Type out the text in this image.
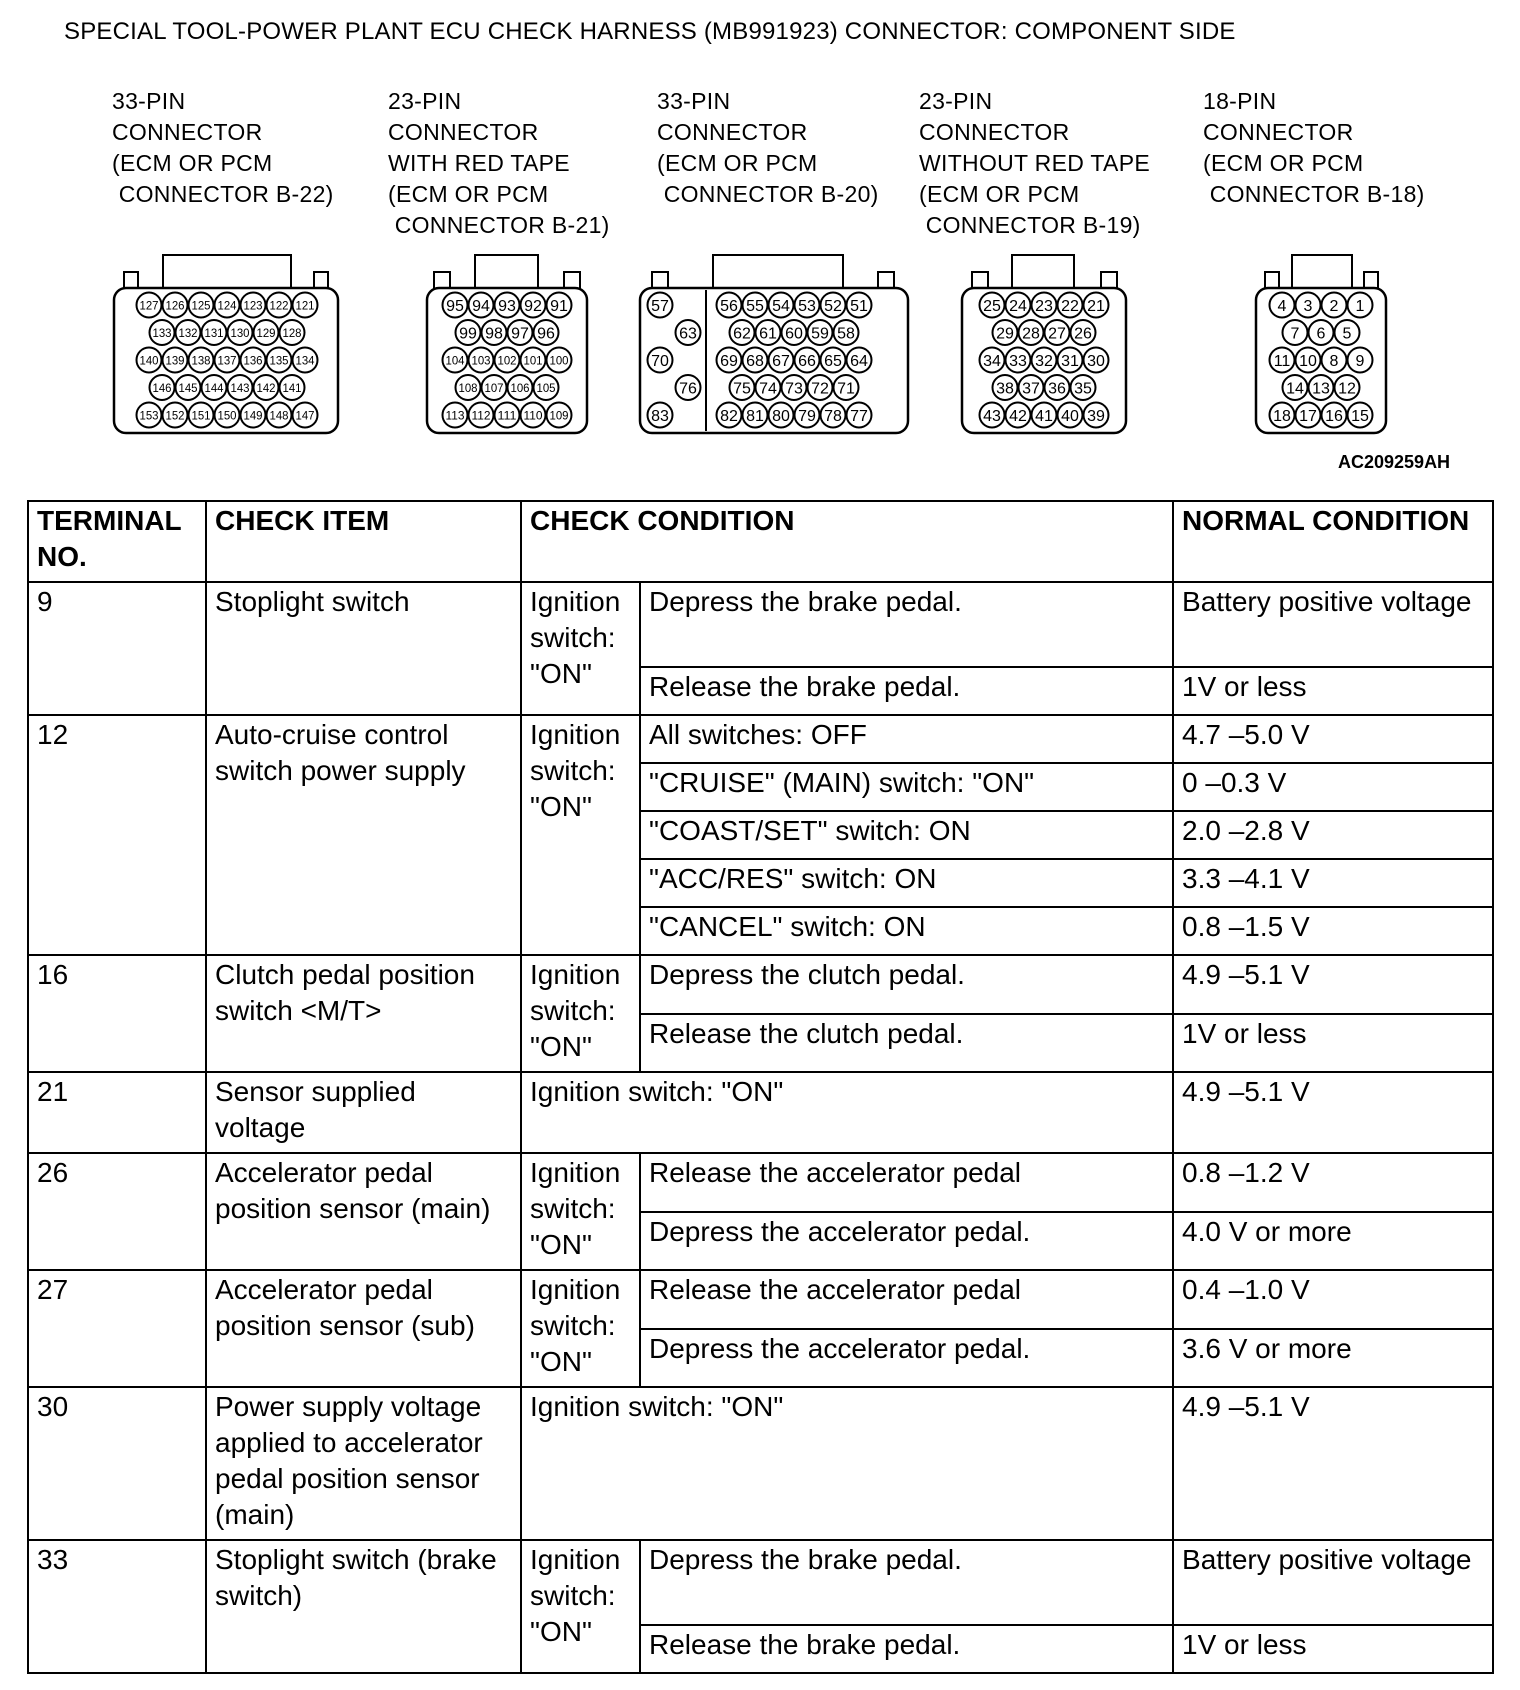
SPECIAL TOOL-POWER PLANT ECU CHECK HARNESS (MB991923) CONNECTOR: COMPONENT SIDE
33-PIN
CONNECTOR
(ECM OR PCM
CONNECTOR B-22)
23-PIN
CONNECTOR
WITH RED TAPE
(ECM OR PCM
CONNECTOR B-21)
33-PIN
CONNECTOR
(ECM OR PCM
CONNECTOR B-20)
23-PIN
CONNECTOR
WITHOUT RED TAPE
(ECM OR PCM
CONNECTOR B-19)
18-PIN
CONNECTOR
(ECM OR PCM
CONNECTOR B-18)
127 126 125 124 123 122 121
133 132 131 130 129 128
140 139 138 137 136 135 134
146 145 144 143 142 141
153 152 151 150 149 148 147
95 94 93 92 91
99 98 97 96
104 103 102 101 100
108 107 106 105
113 112 111 110 109
57
63
70
76
83
56 55 54 53 52 51
62 61 60 59 58
69 68 67 66 65 64
75 74 73 72 71
82 81 80 79 78 77
25 24 23 22 21
29 28 27 26
34 33 32 31 30
38 37 36 35
43 42 41 40 39
4 3 2 1
7 6 5
11 10 8 9
14 13 12
18 17 16 15
AC209259AH
TERMINAL NO.	CHECK ITEM	CHECK CONDITION		NORMAL CONDITION
9	Stoplight switch	Ignition switch: "ON"	Depress the brake pedal.	Battery positive voltage
			Release the brake pedal.	1V or less
12	Auto-cruise control switch power supply	Ignition switch: "ON"	All switches: OFF	4.7 –5.0 V
			"CRUISE" (MAIN) switch: "ON"	0 –0.3 V
			"COAST/SET" switch: ON	2.0 –2.8 V
			"ACC/RES" switch: ON	3.3 –4.1 V
			"CANCEL" switch: ON	0.8 –1.5 V
16	Clutch pedal position switch <M/T>	Ignition switch: "ON"	Depress the clutch pedal.	4.9 –5.1 V
			Release the clutch pedal.	1V or less
21	Sensor supplied voltage	Ignition switch: "ON"		4.9 –5.1 V
26	Accelerator pedal position sensor (main)	Ignition switch: "ON"	Release the accelerator pedal	0.8 –1.2 V
			Depress the accelerator pedal.	4.0 V or more
27	Accelerator pedal position sensor (sub)	Ignition switch: "ON"	Release the accelerator pedal	0.4 –1.0 V
			Depress the accelerator pedal.	3.6 V or more
30	Power supply voltage applied to accelerator pedal position sensor (main)	Ignition switch: "ON"		4.9 –5.1 V
33	Stoplight switch (brake switch)	Ignition switch: "ON"	Depress the brake pedal.	Battery positive voltage
			Release the brake pedal.	1V or less
